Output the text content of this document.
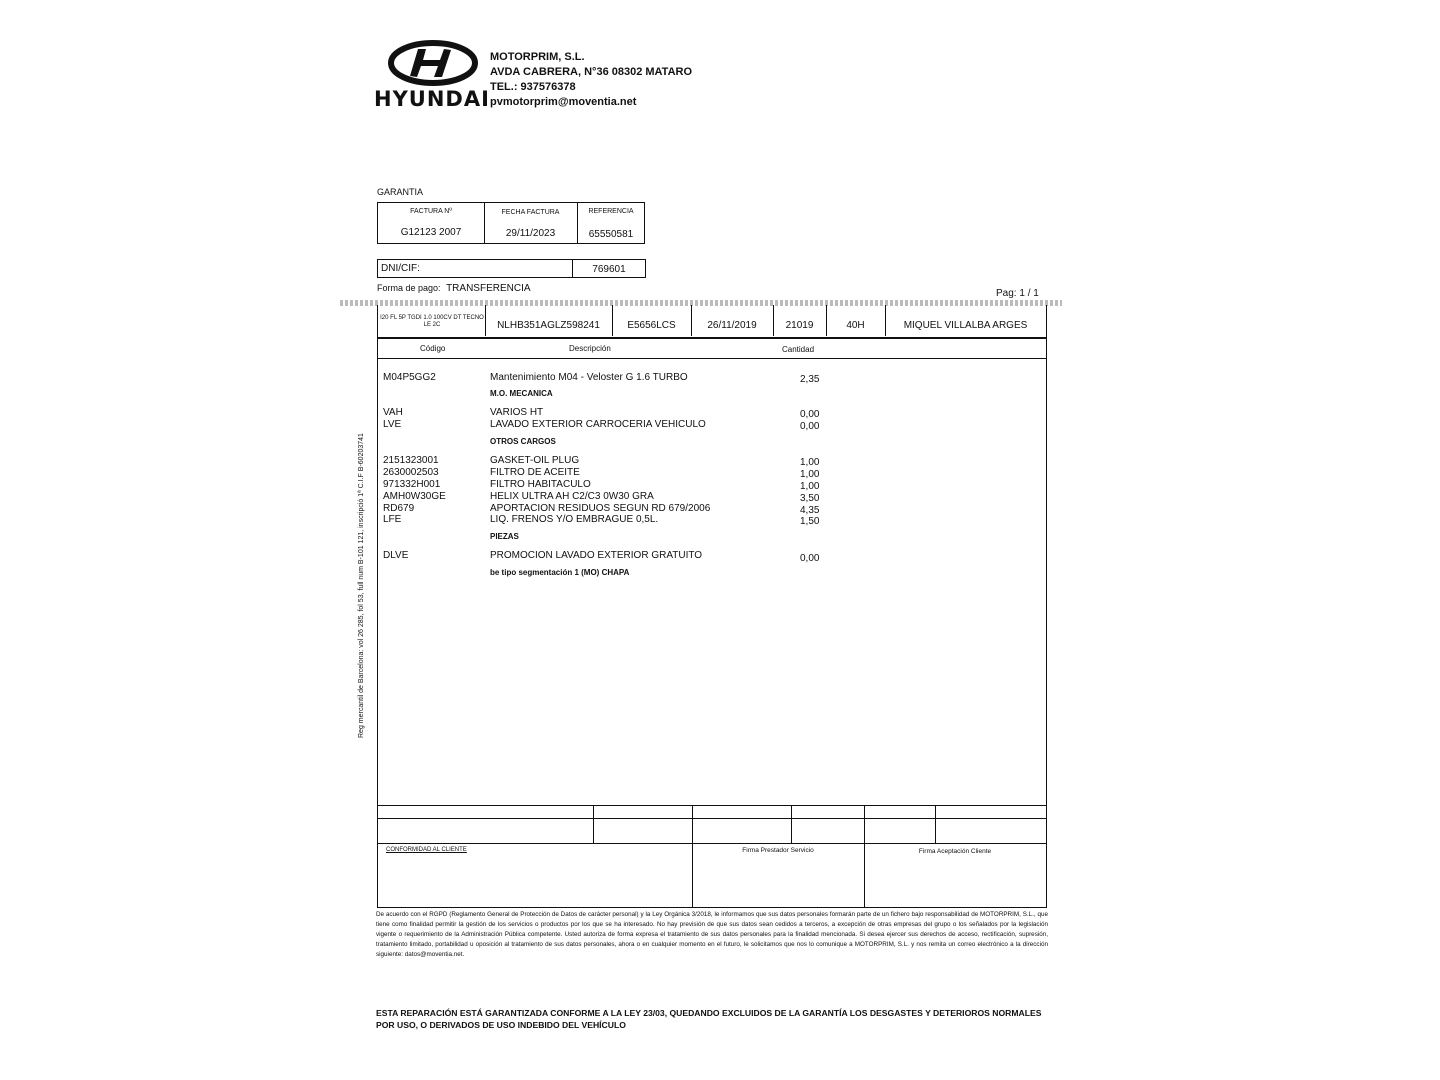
HYUNDAI
MOTORPRIM, S.L.
AVDA CABRERA, N°36 08302 MATARO
TEL.: 937576378
pvmotorprim@moventia.net
GARANTIA
FACTURA Nº	FECHA FACTURA	REFERENCIA
G12123 2007	29/11/2023	65550581
DNI/CIF:	769601
Forma de pago: TRANSFERENCIA	Pag: 1 / 1
I20 FL 5P TGDI 1.0 100CV DT TECNO LE 2C	NLHB351AGLZ598241	E5656LCS	26/11/2019	21019	40H	MIQUEL VILLALBA ARGES
Código	Descripción	Cantidad
CONFORMIDAD AL CLIENTE	Firma Prestador Servicio	Firma Aceptación Cliente
M04P5GG2	Mantenimiento M04 - Veloster G 1.6 TURBO	2,35
M.O. MECANICA
VAH	VARIOS HT	0,00
LVE	LAVADO EXTERIOR CARROCERIA VEHICULO	0,00
OTROS CARGOS
2151323001	GASKET-OIL PLUG	1,00
2630002503	FILTRO DE ACEITE	1,00
971332H001	FILTRO HABITACULO	1,00
AMH0W30GE	HELIX ULTRA AH C2/C3 0W30 GRA	3,50
RD679	APORTACION RESIDUOS SEGUN RD 679/2006	4,35
LFE	LIQ. FRENOS Y/O EMBRAGUE 0,5L.	1,50
PIEZAS
DLVE	PROMOCION LAVADO EXTERIOR GRATUITO	0,00
be tipo segmentación 1 (MO) CHAPA
Reg mercantil de Barcelona: vol 26 285, fol 53, full num B-101 121, inscripció 1ª C.I.F B-60203741
De acuerdo con el RGPD (Reglamento General de Protección de Datos de carácter personal) y la Ley Orgánica 3/2018, le informamos que sus datos personales formarán parte de un fichero bajo responsabilidad de MOTORPRIM, S.L., que tiene como finalidad permitir la gestión de los servicios o productos por los que se ha interesado. No hay previsión de que sus datos sean cedidos a terceros, a excepción de otras empresas del grupo o los señalados por la legislación vigente o requerimiento de la Administración Pública competente. Usted autoriza de forma expresa el tratamiento de sus datos personales para la finalidad mencionada. Si desea ejercer sus derechos de acceso, rectificación, supresión, tratamiento limitado, portabilidad u oposición al tratamiento de sus datos personales, ahora o en cualquier momento en el futuro, le solicitamos que nos lo comunique a MOTORPRIM, S.L. y nos remita un correo electrónico a la dirección siguiente: datos@moventia.net.
ESTA REPARACIÓN ESTÁ GARANTIZADA CONFORME A LA LEY 23/03, QUEDANDO EXCLUIDOS DE LA GARANTÍA LOS DESGASTES Y DETERIOROS NORMALES POR USO, O DERIVADOS DE USO INDEBIDO DEL VEHÍCULO
